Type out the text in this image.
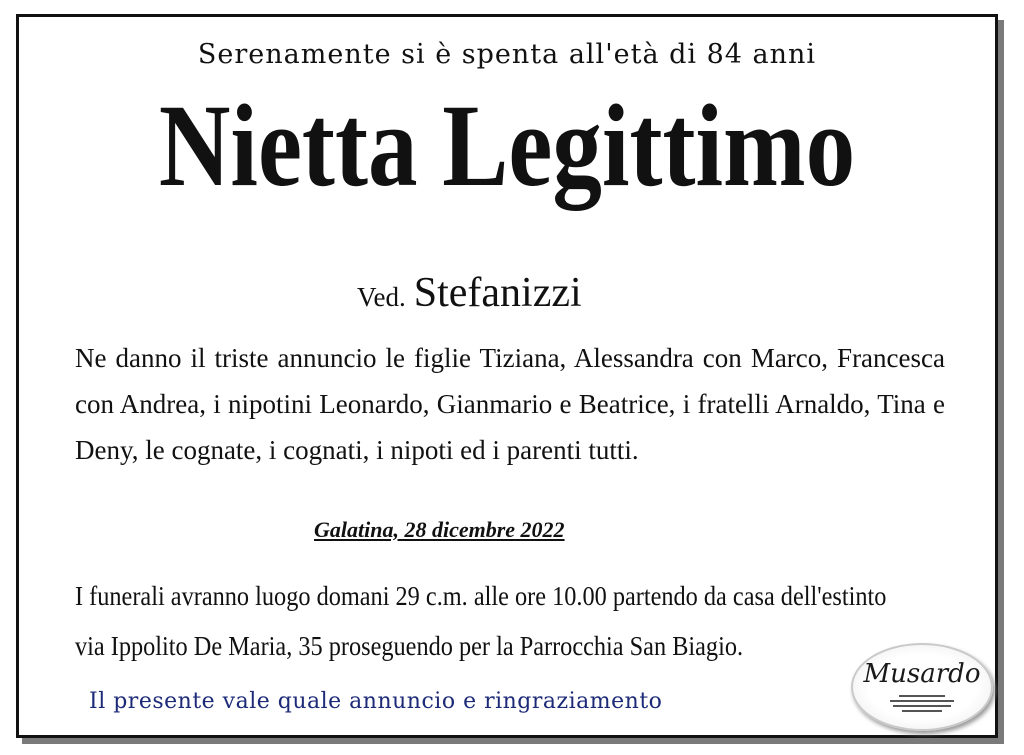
Serenamente si è spenta all'età di 84 anni
Nietta Legittimo
Ved. Stefanizzi
Ne danno il triste annuncio le figlie Tiziana, Alessandra con Marco, Francesca con Andrea, i nipotini Leonardo, Gianmario e Beatrice, i fratelli Arnaldo, Tina e Deny, le cognate, i cognati, i nipoti ed i parenti tutti.
Galatina, 28 dicembre 2022
I funerali avranno luogo domani 29 c.m. alle ore 10.00 partendo da casa dell'estinto
via Ippolito De Maria, 35 proseguendo per la Parrocchia San Biagio.
Il presente vale quale annuncio e ringraziamento
Musardo
